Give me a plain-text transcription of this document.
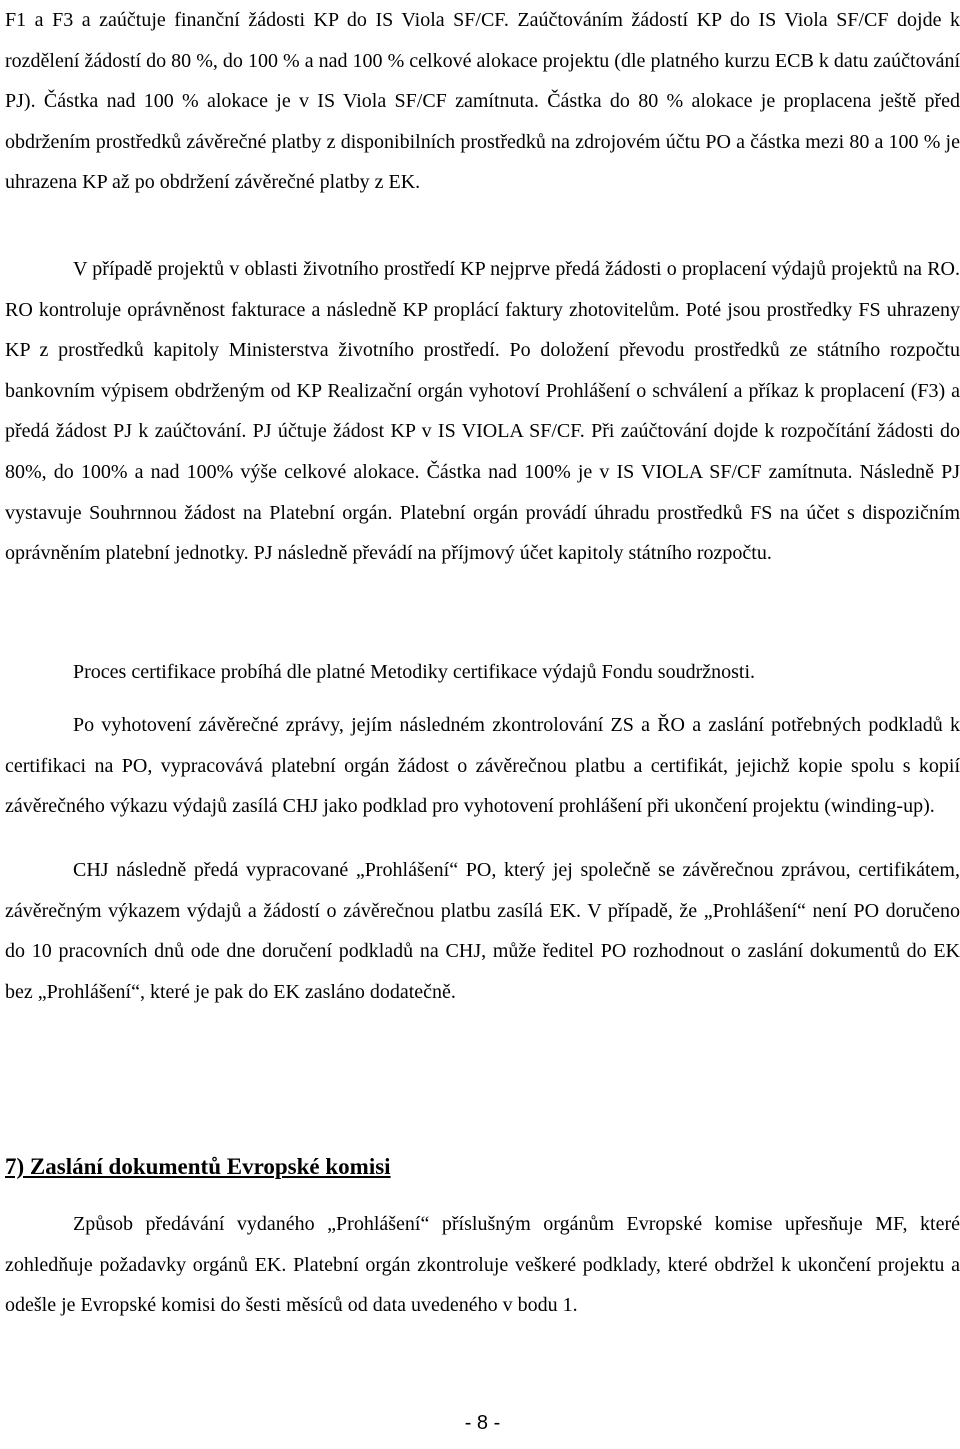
F1 a F3 a zaúčtuje finanční žádosti KP do IS Viola SF/CF. Zaúčtováním žádostí KP do IS Viola SF/CF dojde k rozdělení žádostí do 80 %, do 100 % a nad 100 % celkové alokace projektu (dle platného kurzu ECB k datu zaúčtování PJ). Částka nad 100 % alokace je v IS Viola SF/CF zamítnuta. Částka do 80 % alokace je proplacena ještě před obdržením prostředků závěrečné platby z disponibilních prostředků na zdrojovém účtu PO a částka mezi 80 a 100 % je uhrazena KP až po obdržení závěrečné platby z EK.

V případě projektů v oblasti životního prostředí KP nejprve předá žádosti o proplacení výdajů projektů na RO. RO kontroluje oprávněnost fakturace a následně KP proplácí faktury zhotovitelům. Poté jsou prostředky FS uhrazeny KP z prostředků kapitoly Ministerstva životního prostředí. Po doložení převodu prostředků ze státního rozpočtu bankovním výpisem obdrženým od KP Realizační orgán vyhotoví Prohlášení o schválení a příkaz k proplacení (F3) a předá žádost PJ k zaúčtování. PJ účtuje žádost KP v IS VIOLA SF/CF. Při zaúčtování dojde k rozpočítání žádosti do 80%, do 100% a nad 100% výše celkové alokace. Částka nad 100% je v IS VIOLA SF/CF zamítnuta. Následně PJ vystavuje Souhrnnou žádost na Platební orgán. Platební orgán provádí úhradu prostředků FS na účet s dispozičním oprávněním platební jednotky. PJ následně převádí na příjmový účet kapitoly státního rozpočtu.

Proces certifikace probíhá dle platné Metodiky certifikace výdajů Fondu soudržnosti.

Po vyhotovení závěrečné zprávy, jejím následném zkontrolování ZS a ŘO a zaslání potřebných podkladů k certifikaci na PO, vypracovává platební orgán žádost o závěrečnou platbu a certifikát, jejichž kopie spolu s kopií závěrečného výkazu výdajů zasílá CHJ jako podklad pro vyhotovení prohlášení při ukončení projektu (winding-up).

CHJ následně předá vypracované „Prohlášení“ PO, který jej společně se závěrečnou zprávou, certifikátem, závěrečným výkazem výdajů a žádostí o závěrečnou platbu zasílá EK. V případě, že „Prohlášení“ není PO doručeno do 10 pracovních dnů ode dne doručení podkladů na CHJ, může ředitel PO rozhodnout o zaslání dokumentů do EK bez „Prohlášení“, které je pak do EK zasláno dodatečně.

7) Zaslání dokumentů Evropské komisi

Způsob předávání vydaného „Prohlášení“ příslušným orgánům Evropské komise upřesňuje MF, které zohledňuje požadavky orgánů EK. Platební orgán zkontroluje veškeré podklady, které obdržel k ukončení projektu a odešle je Evropské komisi do šesti měsíců od data uvedeného v bodu 1.

- 8 -
